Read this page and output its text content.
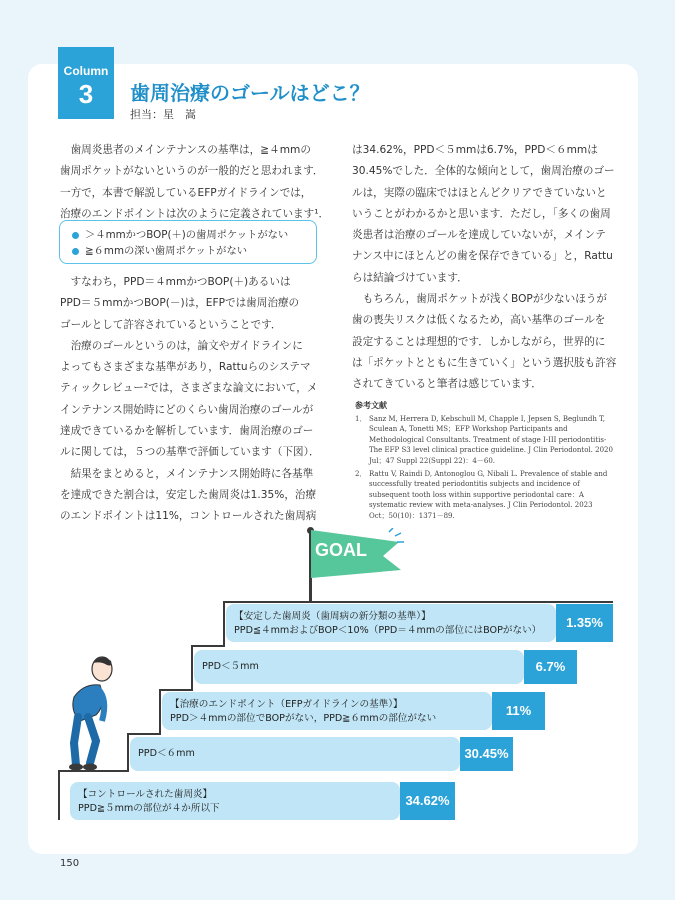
Column
3	歯周治療のゴールはどこ？
担当：星　嵩
歯周炎患者のメインテナンスの基準は，≧４mmの
歯周ポケットがないというのが一般的だと思われます．
一方で，本書で解説しているEFPガイドラインでは，
治療のエンドポイントは次のように定義されています¹．
＞４mmかつBOP(＋)の歯周ポケットがない
≧６mmの深い歯周ポケットがない
すなわち，PPD＝４mmかつBOP(＋)あるいは
PPD＝５mmかつBOP(－)は，EFPでは歯周治療の
ゴールとして許容されているということです．
治療のゴールというのは，論文やガイドラインに
よってもさまざまな基準があり，Rattuらのシステマ
ティックレビュー²では，さまざまな論文において，メ
インテナンス開始時にどのくらい歯周治療のゴールが
達成できているかを解析しています．歯周治療のゴー
ルに関しては，５つの基準で評価しています（下図）．
結果をまとめると，メインテナンス開始時に各基準
を達成できた割合は，安定した歯周炎は1.35%，治療
のエンドポイントは11%，コントロールされた歯周病
は34.62%，PPD＜５mmは6.7%，PPD＜６mmは
30.45%でした．全体的な傾向として，歯周治療のゴー
ルは，実際の臨床ではほとんどクリアできていないと
いうことがわかるかと思います．ただし，「多くの歯周
炎患者は治療のゴールを達成していないが，メインテ
ナンス中にほとんどの歯を保存できている」と，Rattu
らは結論づけています．
もちろん，歯周ポケットが浅くBOPが少ないほうが
歯の喪失リスクは低くなるため，高い基準のゴールを
設定することは理想的です．しかしながら，世界的に
は「ポケットとともに生きていく」という選択肢も許容
されてきていると筆者は感じています．
参考文献
1． Sanz M, Herrera D, Kebschull M, Chapple I, Jepsen S, Beglundh T, Sculean A, Tonetti MS；EFP Workshop Participants and Methodological Consultants. Treatment of stage I-III periodontitis-The EFP S3 level clinical practice guideline. J Clin Periodontol. 2020 Jul；47 Suppl 22(Suppl 22)：4－60.
2． Rattu V, Raindi D, Antonoglou G, Nibali L. Prevalence of stable and successfully treated periodontitis subjects and incidence of subsequent tooth loss within supportive periodontal care：A systematic review with meta-analyses. J Clin Periodontol. 2023 Oct；50(10)：1371－89.
GOAL
【安定した歯周炎（歯周病の新分類の基準）】
PPD≦４mmおよびBOP＜10%（PPD＝４mmの部位にはBOPがない）
1.35%
PPD＜５mm	6.7%
【治療のエンドポイント（EFPガイドラインの基準）】
PPD＞４mmの部位でBOPがない，PPD≧６mmの部位がない
11%
PPD＜６mm	30.45%
【コントロールされた歯周炎】
PPD≧５mmの部位が４か所以下
34.62%
150
